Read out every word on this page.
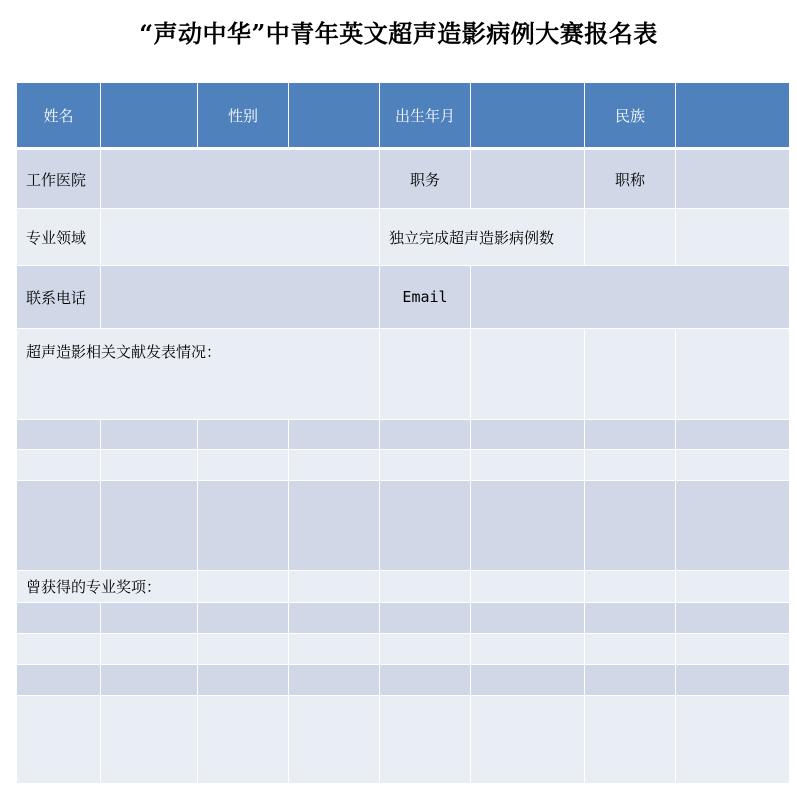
“声动中华”中青年英文超声造影病例大赛报名表
姓名		性别		出生年月		民族	
工作医院				职务		职称	
专业领域				独立完成超声造影病例数			
联系电话				Email			
超声造影相关文献发表情况：							

曾获得的专业奖项：							
